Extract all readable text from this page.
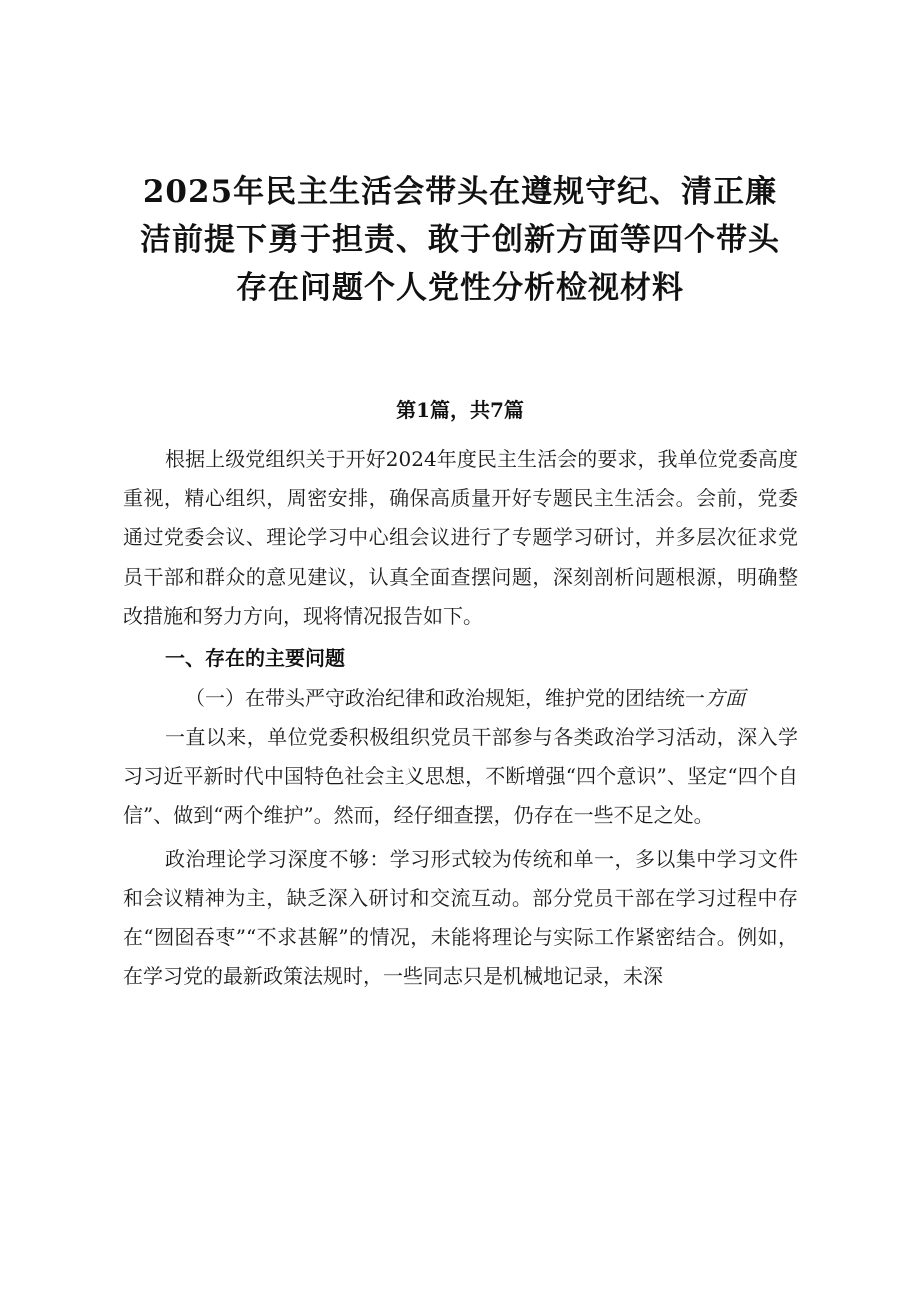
2025年民主生活会带头在遵规守纪、清正廉
洁前提下勇于担责、敢于创新方面等四个带头
存在问题个人党性分析检视材料
第1篇，共7篇

根据上级党组织关于开好2024年度民主生活会的要求，我单位党委高度重视，精心组织，周密安排，确保高质量开好专题民主生活会。会前，党委通过党委会议、理论学习中心组会议进行了专题学习研讨，并多层次征求党员干部和群众的意见建议，认真全面查摆问题，深刻剖析问题根源，明确整改措施和努力方向，现将情况报告如下。

一、存在的主要问题
（一）在带头严守政治纪律和政治规矩，维护党的团结统一方面

一直以来，单位党委积极组织党员干部参与各类政治学习活动，深入学习习近平新时代中国特色社会主义思想，不断增强“四个意识”、坚定“四个自信”、做到“两个维护”。然而，经仔细查摆，仍存在一些不足之处。

政治理论学习深度不够：学习形式较为传统和单一，多以集中学习文件和会议精神为主，缺乏深入研讨和交流互动。部分党员干部在学习过程中存在“囫囵吞枣”“不求甚解”的情况，未能将理论与实际工作紧密结合。例如，在学习党的最新政策法规时，一些同志只是机械地记录，未深
